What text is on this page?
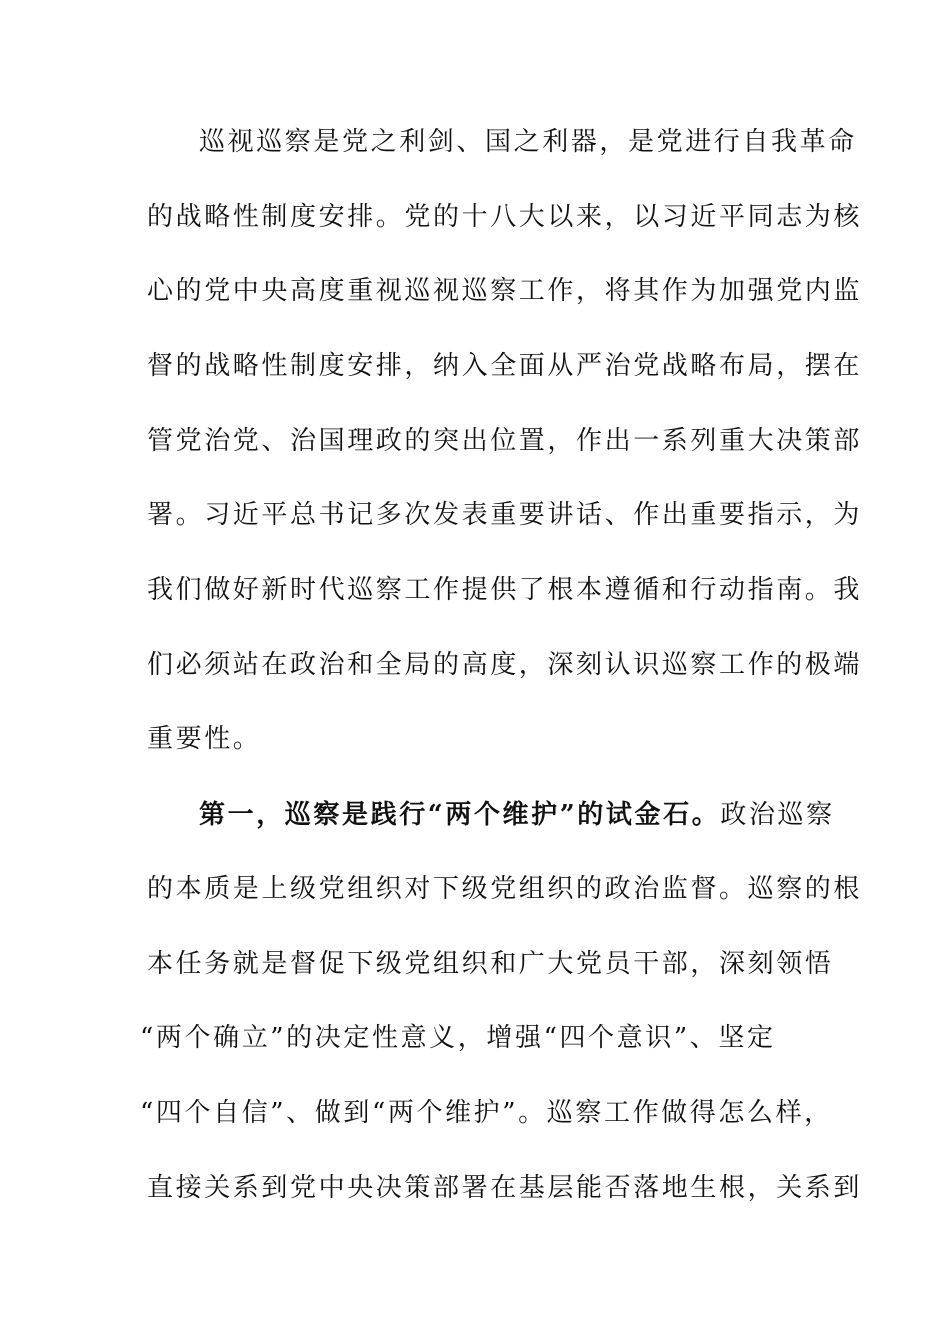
巡视巡察是党之利剑、国之利器，是党进行自我革命
的战略性制度安排。党的十八大以来，以习近平同志为核
心的党中央高度重视巡视巡察工作，将其作为加强党内监
督的战略性制度安排，纳入全面从严治党战略布局，摆在
管党治党、治国理政的突出位置，作出一系列重大决策部
署。习近平总书记多次发表重要讲话、作出重要指示，为
我们做好新时代巡察工作提供了根本遵循和行动指南。我
们必须站在政治和全局的高度，深刻认识巡察工作的极端
重要性。
第一，巡察是践行“两个维护”的试金石。政治巡察
的本质是上级党组织对下级党组织的政治监督。巡察的根
本任务就是督促下级党组织和广大党员干部，深刻领悟
“两个确立”的决定性意义，增强“四个意识”、坚定
“四个自信”、做到“两个维护”。巡察工作做得怎么样，
直接关系到党中央决策部署在基层能否落地生根，关系到
